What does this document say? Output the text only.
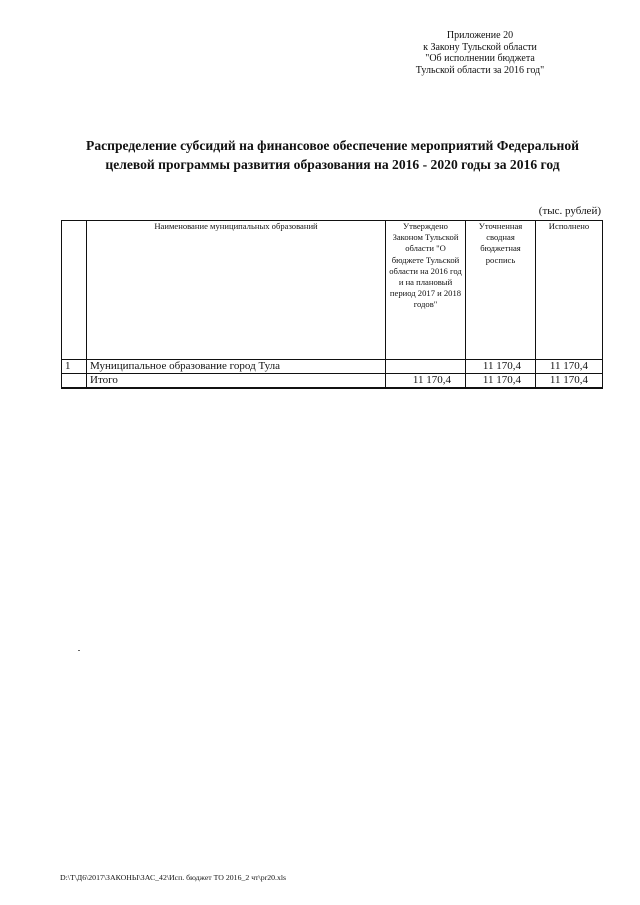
Приложение 20
к Закону Тульской области
"Об исполнении бюджета
Тульской области за 2016 год"
Распределение субсидий на финансовое обеспечение мероприятий Федеральной
целевой программы развития образования на 2016 - 2020 годы за 2016 год
(тыс. рублей)
	Наименование муниципальных образований	Утверждено Законом Тульской области "О бюджете Тульской области на 2016 год и на плановый период 2017 и 2018 годов"	Уточненная сводная бюджетная роспись	Исполнено
1	Муниципальное образование город Тула		11 170,4	11 170,4
	Итого	11 170,4	11 170,4	11 170,4
D:\Т\Д6\2017\ЗАКОНЫ\ЗАС_42\Исп. бюджет ТО 2016_2 чт\pr20.xls
